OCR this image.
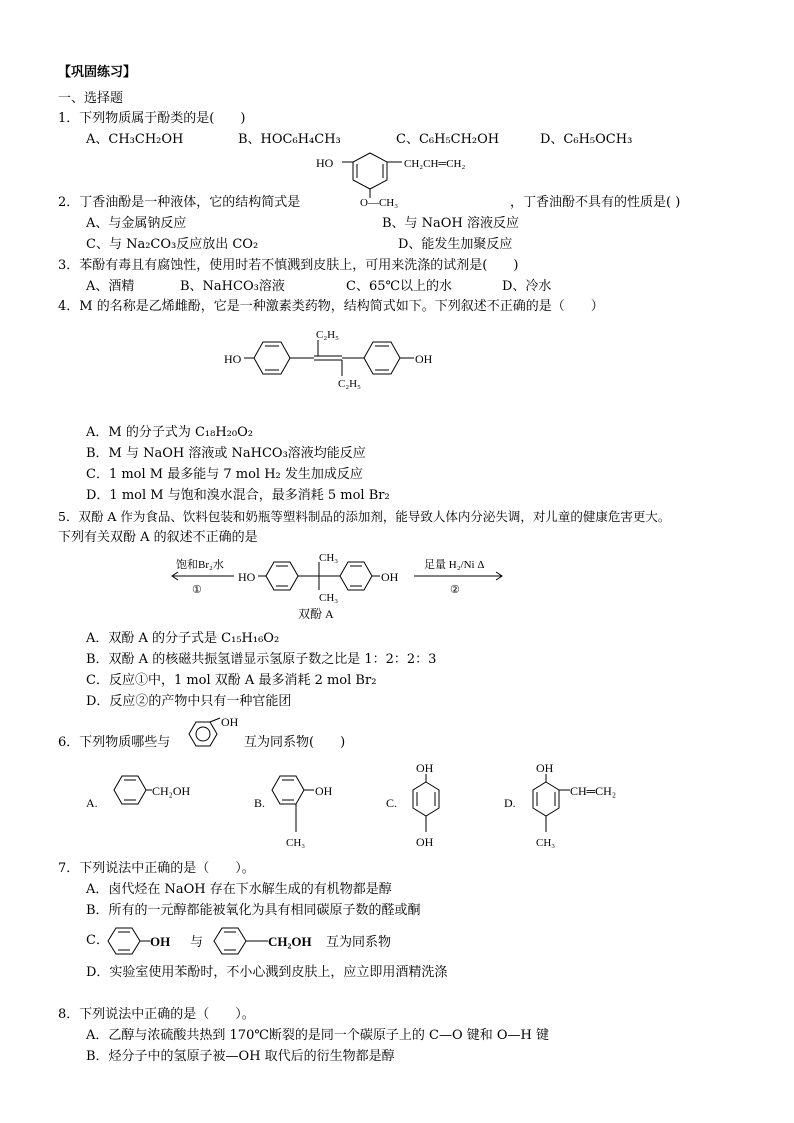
【巩固练习】
一、选择题
1．下列物质属于酚类的是(　　)
A、CH₃CH₂OH	B、HOC₆H₄CH₃	C、C₆H₅CH₂OH	D、C₆H₅OCH₃
HO	CH₂CH═CH₂
O—CH₃
2．丁香油酚是一种液体，它的结构简式是	，丁香油酚不具有的性质是( )
A、与金属钠反应	B、与 NaOH 溶液反应
C、与 Na₂CO₃反应放出 CO₂	D、能发生加聚反应
3．苯酚有毒且有腐蚀性，使用时若不慎溅到皮肤上，可用来洗涤的试剂是(　　)
A、酒精	B、NaHCO₃溶液	C、65℃以上的水	D、冷水
4．M 的名称是乙烯雌酚，它是一种激素类药物，结构简式如下。下列叙述不正确的是（　　）
HO
C₂H₅
C₂H₅
OH
A．M 的分子式为 C₁₈H₂₀O₂
B．M 与 NaOH 溶液或 NaHCO₃溶液均能反应
C．1 mol M 最多能与 7 mol H₂ 发生加成反应
D．1 mol M 与饱和溴水混合，最多消耗 5 mol Br₂
5．双酚 A 作为食品、饮料包装和奶瓶等塑料制品的添加剂，能导致人体内分泌失调，对儿童的健康危害更大。
下列有关双酚 A 的叙述不正确的是
饱和Br₂水
①
HO
CH₃
CH₃
OH
双酚 A
足量 H₂/Ni Δ
②
A．双酚 A 的分子式是 C₁₅H₁₆O₂
B．双酚 A 的核磁共振氢谱显示氢原子数之比是 1：2：2：3
C．反应①中，1 mol 双酚 A 最多消耗 2 mol Br₂
D．反应②的产物中只有一种官能团
OH
6．下列物质哪些与	互为同系物(　　)
A.
CH₂OH
B.
OH
CH₃
C.
OH
OH
D.
OH
CH═CH₂
CH₃
7．下列说法中正确的是（　　）。
A．卤代烃在 NaOH 存在下水解生成的有机物都是醇
B．所有的一元醇都能被氧化为具有相同碳原子数的醛或酮
C．	OH 与	CH₂OH 互为同系物
D．实验室使用苯酚时，不小心溅到皮肤上，应立即用酒精洗涤
8．下列说法中正确的是（　　）。
A．乙醇与浓硫酸共热到 170℃断裂的是同一个碳原子上的 C—O 键和 O—H 键
B．烃分子中的氢原子被—OH 取代后的衍生物都是醇
